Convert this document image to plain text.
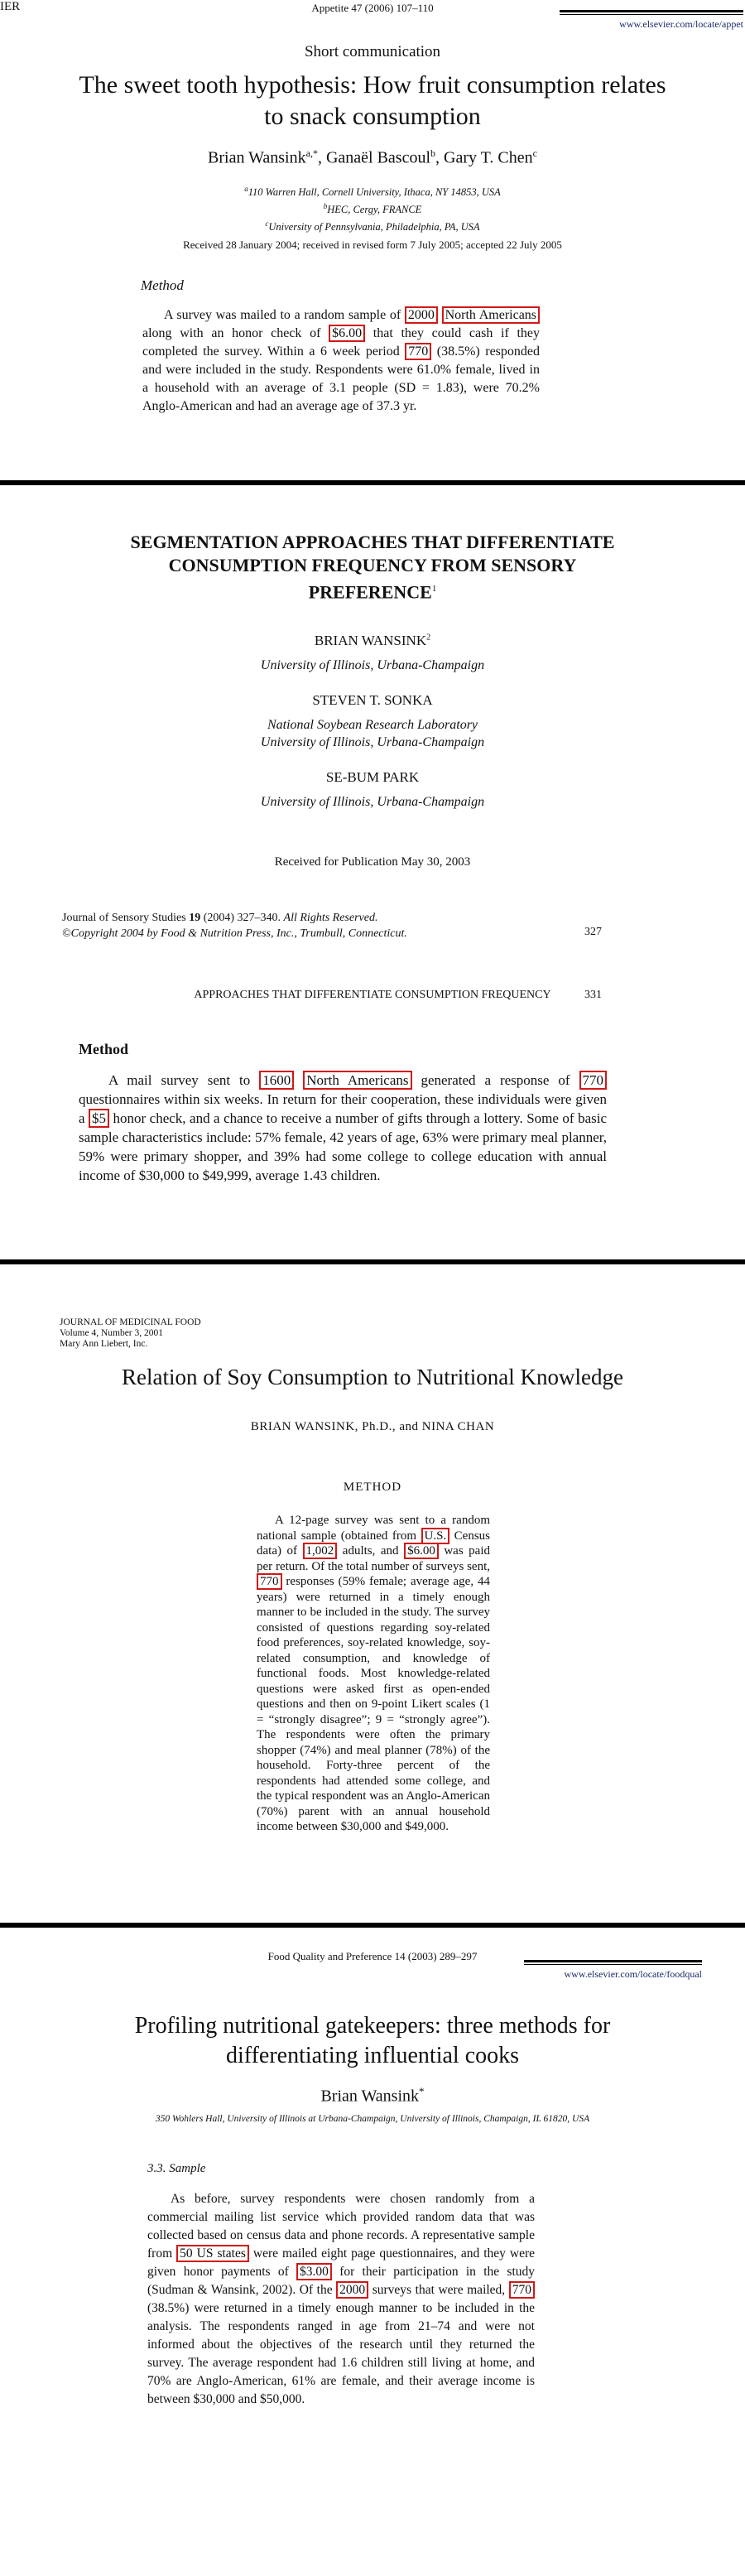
IER	Appetite 47 (2006) 107–110
www.elsevier.com/locate/appet
Short communication
The sweet tooth hypothesis: How fruit consumption relates
to snack consumption
Brian Wansink$^{a,*}$, Ganaël Bascoul$^b$, Gary T. Chen$^c$
$^a$110 Warren Hall, Cornell University, Ithaca, NY 14853, USA
$^b$HEC, Cergy, FRANCE
$^c$University of Pennsylvania, Philadelphia, PA, USA
Received 28 January 2004; received in revised form 7 July 2005; accepted 22 July 2005
Method

A survey was mailed to a random sample of 2000 North Americans along with an honor check of $6.00 that they could cash if they completed the survey. Within a 6 week period 770 (38.5%) responded and were included in the study. Respondents were 61.0% female, lived in a household with an average of 3.1 people (SD = 1.83), were 70.2% Anglo-American and had an average age of 37.3 yr.

SEGMENTATION APPROACHES THAT DIFFERENTIATE
CONSUMPTION FREQUENCY FROM SENSORY
PREFERENCE$^1$
BRIAN WANSINK$^2$
University of Illinois, Urbana-Champaign
STEVEN T. SONKA
National Soybean Research Laboratory
University of Illinois, Urbana-Champaign
SE-BUM PARK
University of Illinois, Urbana-Champaign
Received for Publication May 30, 2003
Journal of Sensory Studies 19 (2004) 327–340. All Rights Reserved.
©Copyright 2004 by Food & Nutrition Press, Inc., Trumbull, Connecticut.	327
APPROACHES THAT DIFFERENTIATE CONSUMPTION FREQUENCY	331
Method

A mail survey sent to 1600 North Americans generated a response of 770 questionnaires within six weeks. In return for their cooperation, these individuals were given a $5 honor check, and a chance to receive a number of gifts through a lottery. Some of basic sample characteristics include: 57% female, 42 years of age, 63% were primary meal planner, 59% were primary shopper, and 39% had some college to college education with annual income of $30,000 to $49,999, average 1.43 children.

JOURNAL OF MEDICINAL FOOD
Volume 4, Number 3, 2001
Mary Ann Liebert, Inc.
Relation of Soy Consumption to Nutritional Knowledge
BRIAN WANSINK, Ph.D., and NINA CHAN
METHOD

A 12-page survey was sent to a random national sample (obtained from U.S. Census data) of 1,002 adults, and $6.00 was paid per return. Of the total number of surveys sent, 770 responses (59% female; average age, 44 years) were returned in a timely enough manner to be included in the study. The survey consisted of questions regarding soy-related food preferences, soy-related knowledge, soy-related consumption, and knowledge of functional foods. Most knowledge-related questions were asked first as open-ended questions and then on 9-point Likert scales (1 = “strongly disagree”; 9 = “strongly agree”). The respondents were often the primary shopper (74%) and meal planner (78%) of the household. Forty-three percent of the respondents had attended some college, and the typical respondent was an Anglo-American (70%) parent with an annual household income between $30,000 and $49,000.

Food Quality and Preference 14 (2003) 289–297
www.elsevier.com/locate/foodqual
Profiling nutritional gatekeepers: three methods for
differentiating influential cooks
Brian Wansink*
350 Wohlers Hall, University of Illinois at Urbana-Champaign, University of Illinois, Champaign, IL 61820, USA
3.3. Sample

As before, survey respondents were chosen randomly from a commercial mailing list service which provided random data that was collected based on census data and phone records. A representative sample from 50 US states were mailed eight page questionnaires, and they were given honor payments of $3.00 for their participation in the study (Sudman & Wansink, 2002). Of the 2000 surveys that were mailed, 770 (38.5%) were returned in a timely enough manner to be included in the analysis. The respondents ranged in age from 21–74 and were not informed about the objectives of the research until they returned the survey. The average respondent had 1.6 children still living at home, and 70% are Anglo-American, 61% are female, and their average income is between $30,000 and $50,000.
